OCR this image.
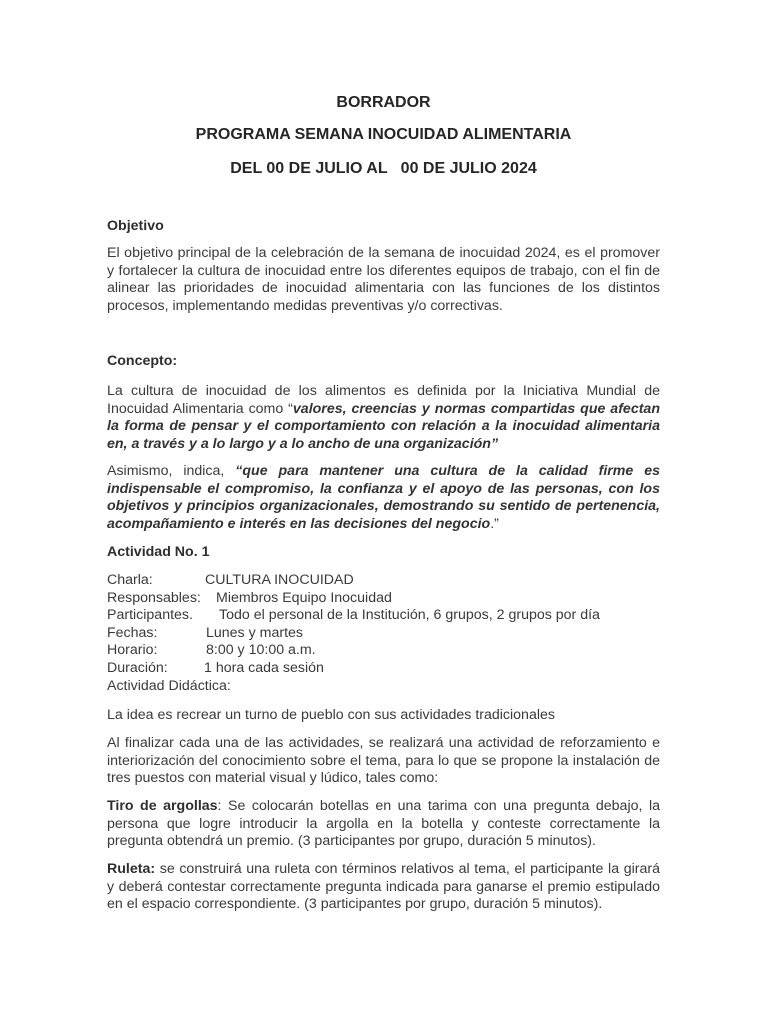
BORRADOR
PROGRAMA SEMANA INOCUIDAD ALIMENTARIA
DEL 00 DE JULIO AL   00 DE JULIO 2024
Objetivo
El objetivo principal de la celebración de la semana de inocuidad 2024, es el promover y fortalecer la cultura de inocuidad entre los diferentes equipos de trabajo, con el fin de alinear las prioridades de inocuidad alimentaria con las funciones de los distintos procesos, implementando medidas preventivas y/o correctivas.
Concepto:
La cultura de inocuidad de los alimentos es definida por la Iniciativa Mundial de Inocuidad Alimentaria como “valores, creencias y normas compartidas que afectan la forma de pensar y el comportamiento con relación a la inocuidad alimentaria en, a través y a lo largo y a lo ancho de una organización”
Asimismo, indica, “que para mantener una cultura de la calidad firme es indispensable el compromiso, la confianza y el apoyo de las personas, con los objetivos y principios organizacionales, demostrando su sentido de pertenencia, acompañamiento e interés en las decisiones del negocio.”
Actividad No. 1
Charla:	CULTURA INOCUIDAD
Responsables:	Miembros Equipo Inocuidad
Participantes.	Todo el personal de la Institución, 6 grupos, 2 grupos por día
Fechas:	Lunes y martes
Horario:	8:00 y 10:00 a.m.
Duración:	1 hora cada sesión
Actividad Didáctica:
La idea es recrear un turno de pueblo con sus actividades tradicionales
Al finalizar cada una de las actividades, se realizará una actividad de reforzamiento e interiorización del conocimiento sobre el tema, para lo que se propone la instalación de tres puestos con material visual y lúdico, tales como:
Tiro de argollas: Se colocarán botellas en una tarima con una pregunta debajo, la persona que logre introducir la argolla en la botella y conteste correctamente la pregunta obtendrá un premio. (3 participantes por grupo, duración 5 minutos).
Ruleta: se construirá una ruleta con términos relativos al tema, el participante la girará y deberá contestar correctamente pregunta indicada para ganarse el premio estipulado en el espacio correspondiente. (3 participantes por grupo, duración 5 minutos).
